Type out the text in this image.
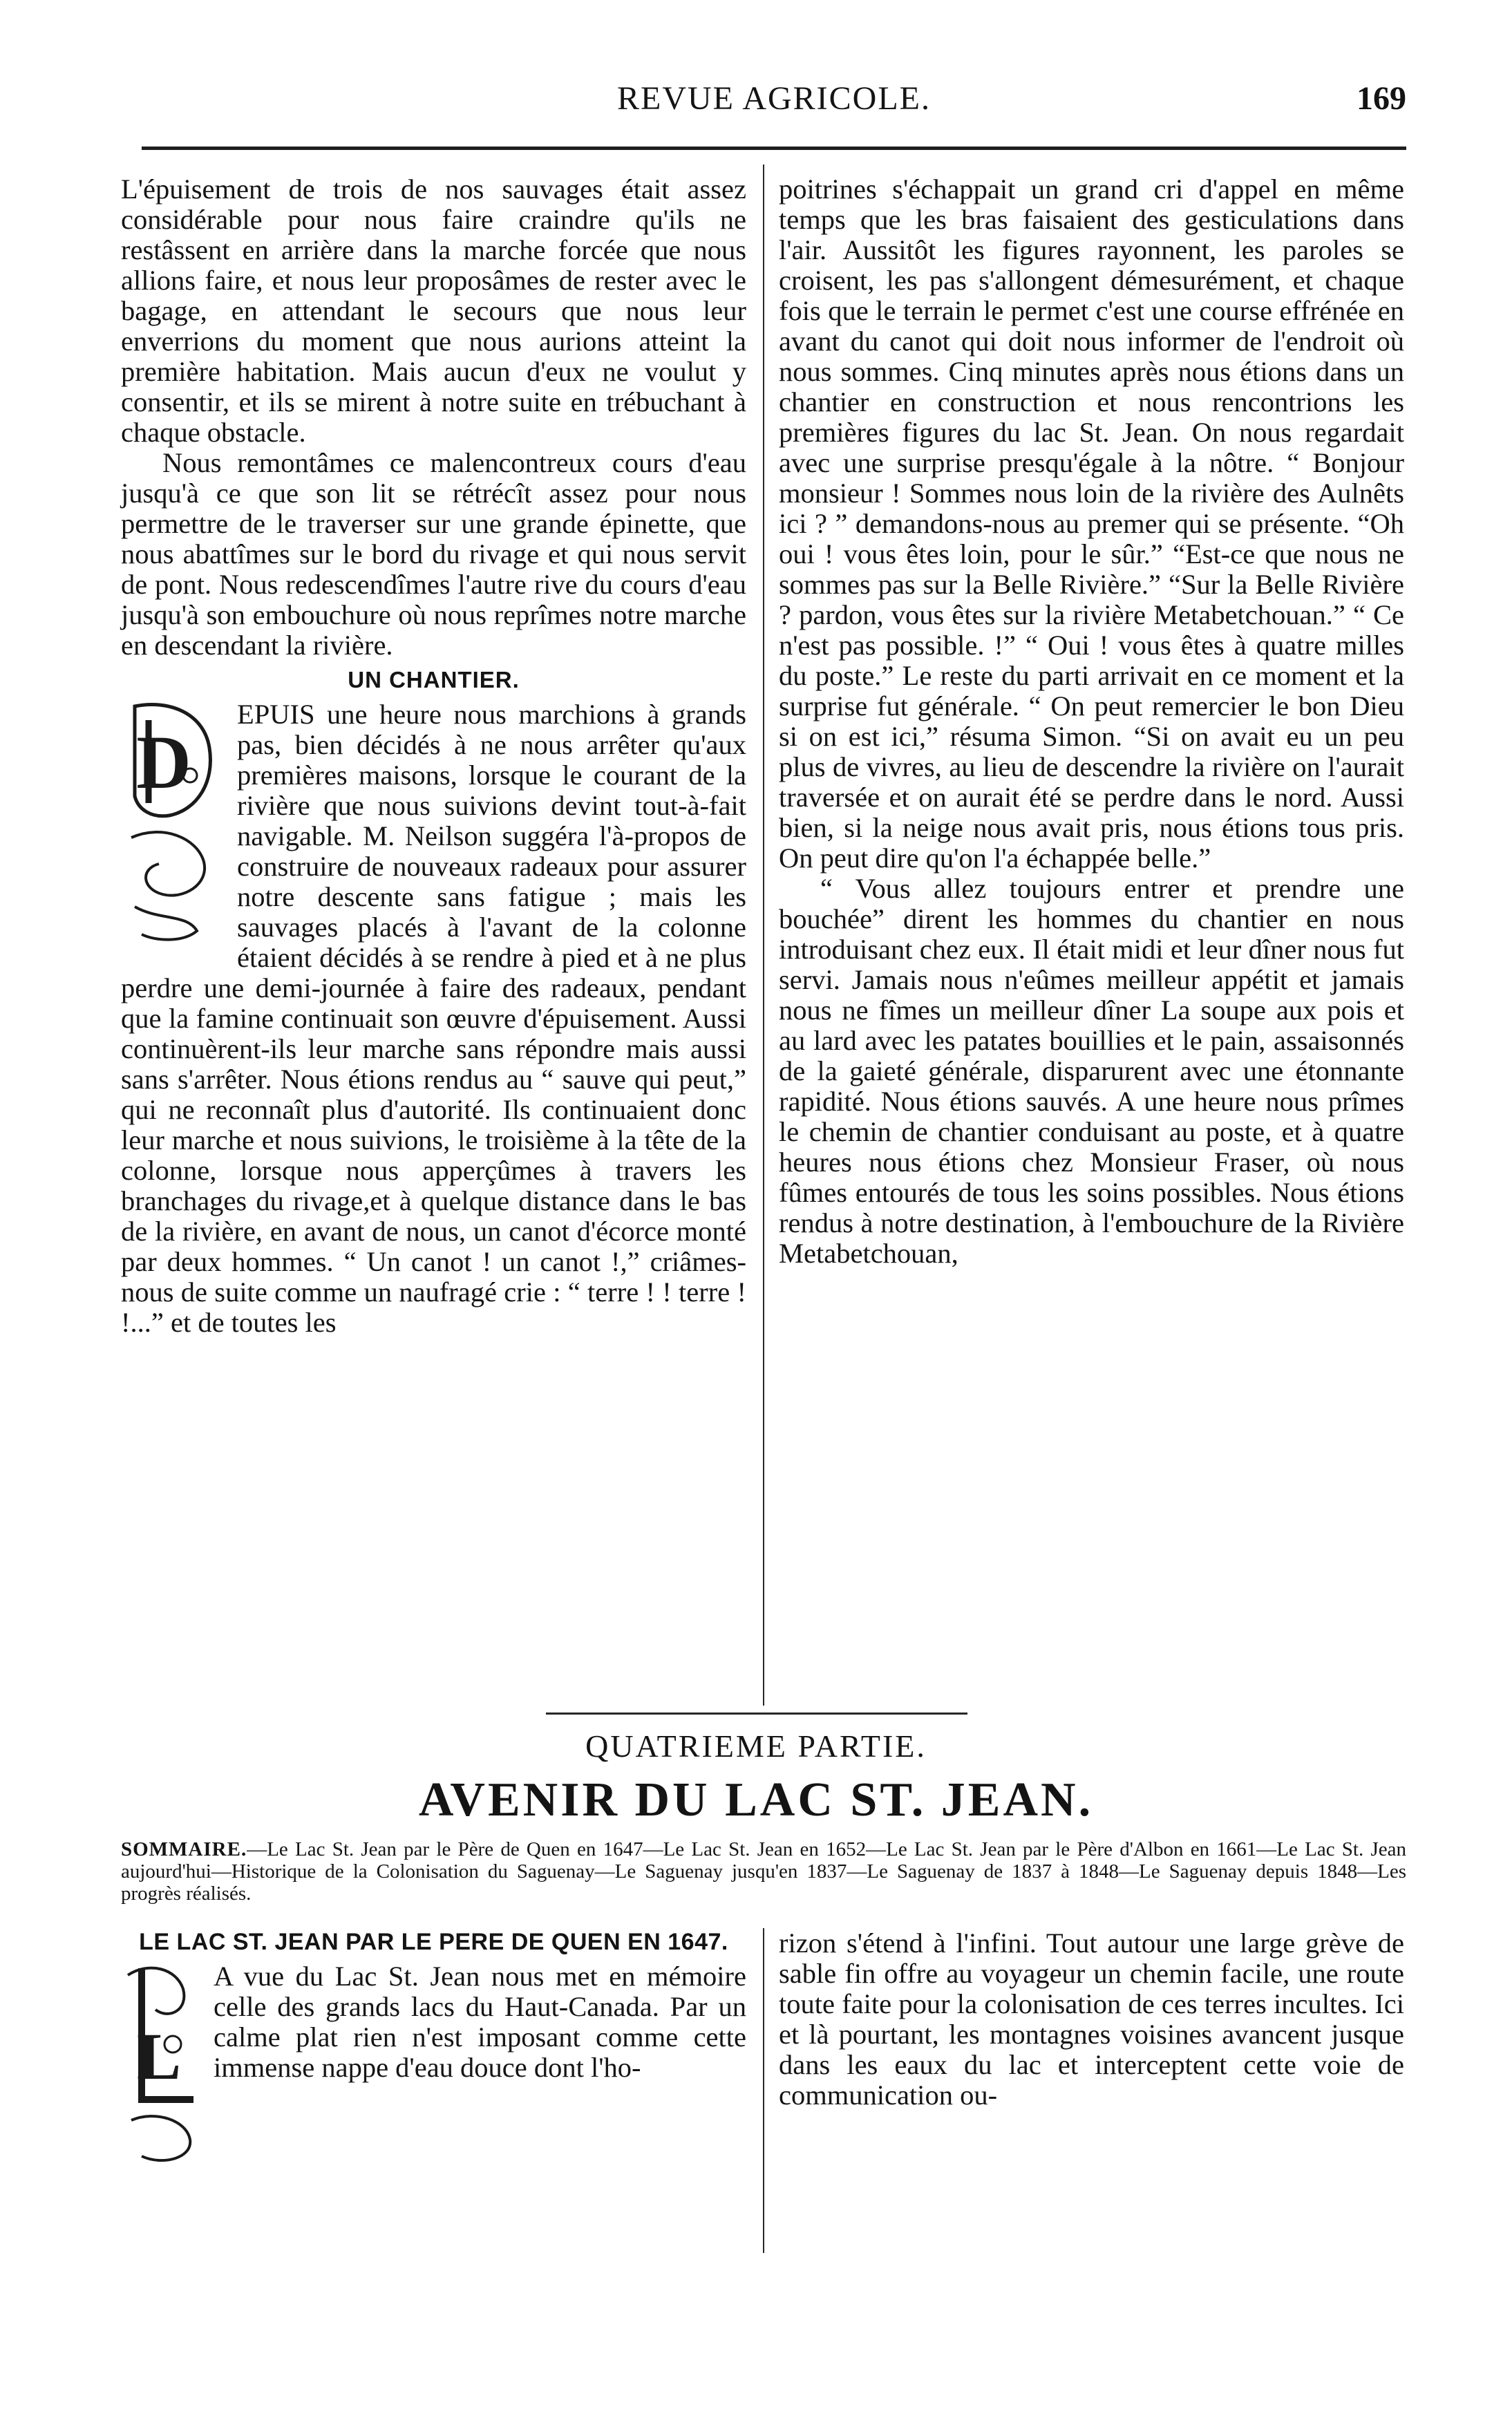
REVUE AGRICOLE.	169

L'épuisement de trois de nos sauvages était assez considérable pour nous faire craindre qu'ils ne restâssent en arrière dans la marche forcée que nous allions faire, et nous leur proposâmes de rester avec le bagage, en attendant le secours que nous leur enverrions du moment que nous aurions atteint la première habitation. Mais aucun d'eux ne voulut y consentir, et ils se mirent à notre suite en trébuchant à chaque obstacle.

Nous remontâmes ce malencontreux cours d'eau jusqu'à ce que son lit se rétrécît assez pour nous permettre de le traverser sur une grande épinette, que nous abattîmes sur le bord du rivage et qui nous servit de pont. Nous redescendîmes l'autre rive du cours d'eau jusqu'à son embouchure où nous reprîmes notre marche en descendant la rivière.

UN CHANTIER.

D
EPUIS une heure nous marchions à grands pas, bien décidés à ne nous arrêter qu'aux premières maisons, lorsque le courant de la rivière que nous suivions devint tout-à-fait navigable. M. Neilson suggéra l'à-propos de construire de nouveaux radeaux pour assurer notre descente sans fatigue ; mais les sauvages placés à l'avant de la colonne étaient décidés à se rendre à pied et à ne plus perdre une demi-journée à faire des radeaux, pendant que la famine continuait son œuvre d'épuisement. Aussi continuèrent-ils leur marche sans répondre mais aussi sans s'arrêter. Nous étions rendus au “ sauve qui peut,” qui ne reconnaît plus d'autorité. Ils continuaient donc leur marche et nous suivions, le troisième à la tête de la colonne, lorsque nous apperçûmes à travers les branchages du rivage,et à quelque distance dans le bas de la rivière, en avant de nous, un canot d'écorce monté par deux hommes. “ Un canot ! un canot !,” criâmes-nous de suite comme un naufragé crie : “ terre ! ! terre ! !...” et de toutes les

poitrines s'échappait un grand cri d'appel en même temps que les bras faisaient des gesticulations dans l'air. Aussitôt les figures rayonnent, les paroles se croisent, les pas s'allongent démesurément, et chaque fois que le terrain le permet c'est une course effrénée en avant du canot qui doit nous informer de l'endroit où nous sommes. Cinq minutes après nous étions dans un chantier en construction et nous rencontrions les premières figures du lac St. Jean. On nous regardait avec une surprise presqu'égale à la nôtre. “ Bonjour monsieur ! Sommes nous loin de la rivière des Aulnêts ici ? ” demandons-nous au premer qui se présente. “Oh oui ! vous êtes loin, pour le sûr.” “Est-ce que nous ne sommes pas sur la Belle Rivière.” “Sur la Belle Rivière ? pardon, vous êtes sur la rivière Metabetchouan.” “ Ce n'est pas possible. !” “ Oui ! vous êtes à quatre milles du poste.” Le reste du parti arrivait en ce moment et la surprise fut générale. “ On peut remercier le bon Dieu si on est ici,” résuma Simon. “Si on avait eu un peu plus de vivres, au lieu de descendre la rivière on l'aurait traversée et on aurait été se perdre dans le nord. Aussi bien, si la neige nous avait pris, nous étions tous pris. On peut dire qu'on l'a échappée belle.”

“ Vous allez toujours entrer et prendre une bouchée” dirent les hommes du chantier en nous introduisant chez eux. Il était midi et leur dîner nous fut servi. Jamais nous n'eûmes meilleur appétit et jamais nous ne fîmes un meilleur dîner La soupe aux pois et au lard avec les patates bouillies et le pain, assaisonnés de la gaieté générale, disparurent avec une étonnante rapidité. Nous étions sauvés. A une heure nous prîmes le chemin de chantier conduisant au poste, et à quatre heures nous étions chez Monsieur Fraser, où nous fûmes entourés de tous les soins possibles. Nous étions rendus à notre destination, à l'embouchure de la Rivière Metabetchouan,

QUATRIEME PARTIE.
AVENIR DU LAC ST. JEAN.
SOMMAIRE.—Le Lac St. Jean par le Père de Quen en 1647—Le Lac St. Jean en 1652—Le Lac St. Jean par le Père d'Albon en 1661—Le Lac St. Jean aujourd'hui—Historique de la Colonisation du Saguenay—Le Saguenay jusqu'en 1837—Le Saguenay de 1837 à 1848—Le Saguenay depuis 1848—Les progrès réalisés.
LE LAC ST. JEAN PAR LE PERE DE QUEN EN 1647.

L
A vue du Lac St. Jean nous met en mémoire celle des grands lacs du Haut-Canada. Par un calme plat rien n'est imposant comme cette immense nappe d'eau douce dont l'ho-

rizon s'étend à l'infini. Tout autour une large grève de sable fin offre au voyageur un chemin facile, une route toute faite pour la colonisation de ces terres incultes. Ici et là pourtant, les montagnes voisines avancent jusque dans les eaux du lac et interceptent cette voie de communication ou-
